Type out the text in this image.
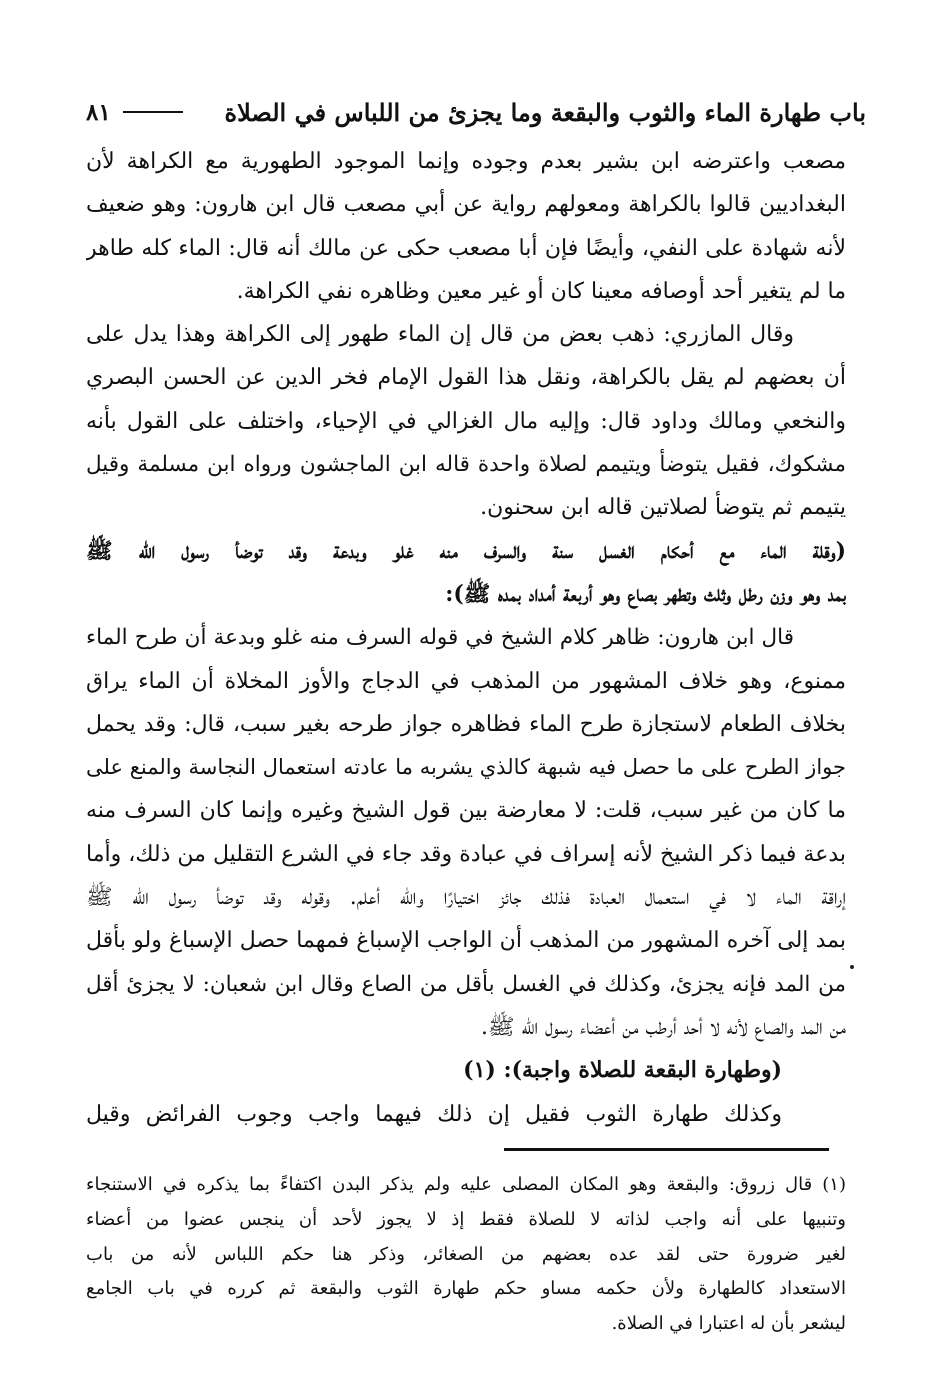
باب طهارة الماء والثوب والبقعة وما يجزئ من اللباس في الصلاة
٨١
مصعب واعترضه ابن بشير بعدم وجوده وإنما الموجود الطهورية مع الكراهة لأن
البغداديين قالوا بالكراهة ومعولهم رواية عن أبي مصعب قال ابن هارون: وهو ضعيف
لأنه شهادة على النفي، وأيضًا فإن أبا مصعب حكى عن مالك أنه قال: الماء كله طاهر
ما لم يتغير أحد أوصافه معينا كان أو غير معين وظاهره نفي الكراهة.
وقال المازري: ذهب بعض من قال إن الماء طهور إلى الكراهة وهذا يدل على
أن بعضهم لم يقل بالكراهة، ونقل هذا القول الإمام فخر الدين عن الحسن البصري
والنخعي ومالك وداود قال: وإليه مال الغزالي في الإحياء، واختلف على القول بأنه
مشكوك، فقيل يتوضأ ويتيمم لصلاة واحدة قاله ابن الماجشون ورواه ابن مسلمة وقيل
يتيمم ثم يتوضأ لصلاتين قاله ابن سحنون.
(وقلة الماء مع أحكام الغسل سنة والسرف منه غلو وبدعة وقد توضأ رسول الله ﷺ
بمد وهو وزن رطل وثلث وتطهر بصاع وهو أربعة أمداد بمده ﷺ):
قال ابن هارون: ظاهر كلام الشيخ في قوله السرف منه غلو وبدعة أن طرح الماء
ممنوع، وهو خلاف المشهور من المذهب في الدجاج والأوز المخلاة أن الماء يراق
بخلاف الطعام لاستجازة طرح الماء فظاهره جواز طرحه بغير سبب، قال: وقد يحمل
جواز الطرح على ما حصل فيه شبهة كالذي يشربه ما عادته استعمال النجاسة والمنع على
ما كان من غير سبب، قلت: لا معارضة بين قول الشيخ وغيره وإنما كان السرف منه
بدعة فيما ذكر الشيخ لأنه إسراف في عبادة وقد جاء في الشرع التقليل من ذلك، وأما
إراقة الماء لا في استعمال العبادة فذلك جائز اختيارًا والله أعلم. وقوله وقد توضأ رسول الله ﷺ
بمد إلى آخره المشهور من المذهب أن الواجب الإسباغ فمهما حصل الإسباغ ولو بأقل
من المد فإنه يجزئ، وكذلك في الغسل بأقل من الصاع وقال ابن شعبان: لا يجزئ أقل
من المد والصاع لأنه لا أحد أرطب من أعضاء رسول الله ﷺ.
(وطهارة البقعة للصلاة واجبة): (١)
وكذلك طهارة الثوب فقيل إن ذلك فيهما واجب وجوب الفرائض وقيل
(١) قال زروق: والبقعة وهو المكان المصلى عليه ولم يذكر البدن اكتفاءً بما يذكره في الاستنجاء
وتنبيها على أنه واجب لذاته لا للصلاة فقط إذ لا يجوز لأحد أن ينجس عضوا من أعضاء
لغير ضرورة حتى لقد عده بعضهم من الصغائر، وذكر هنا حكم اللباس لأنه من باب
الاستعداد كالطهارة ولأن حكمه مساو حكم طهارة الثوب والبقعة ثم كرره في باب الجامع
ليشعر بأن له اعتبارا في الصلاة.
